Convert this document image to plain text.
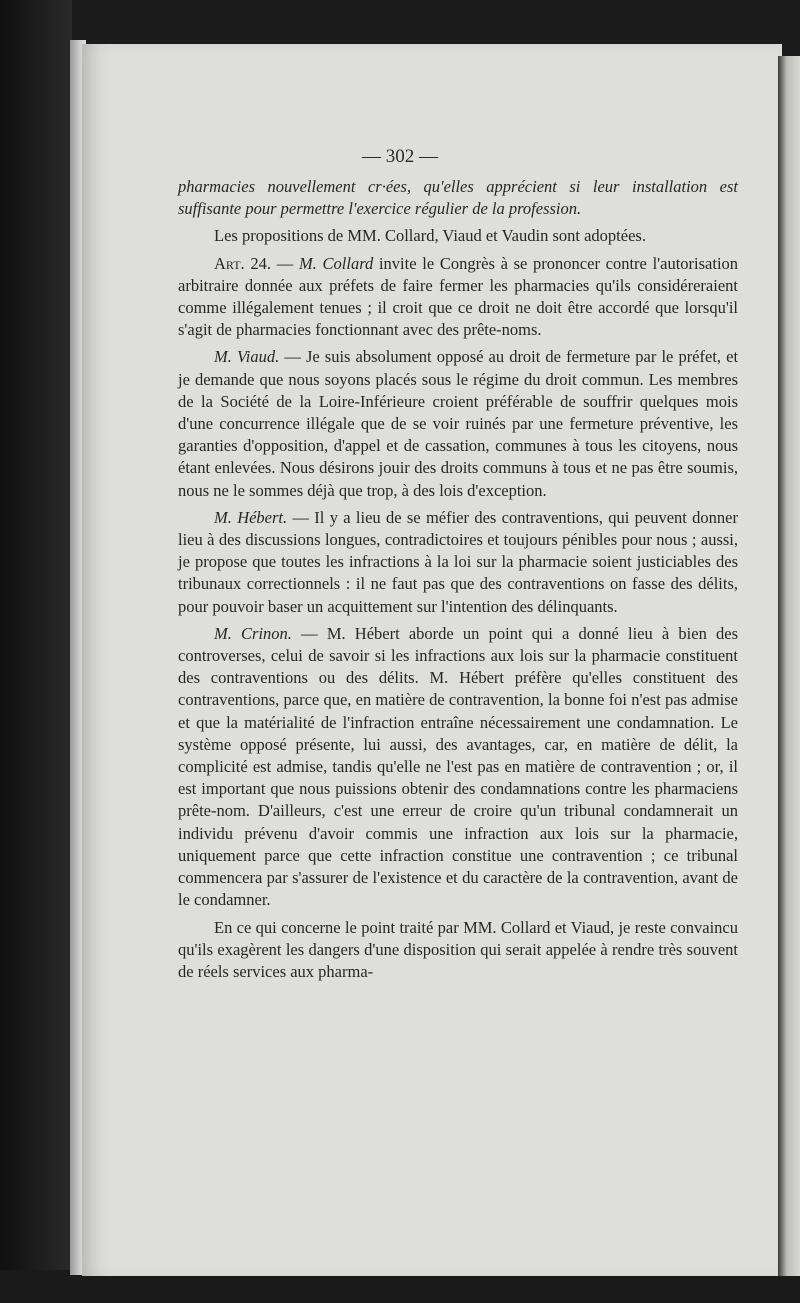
— 302 —

pharmacies nouvellement cr·ées, qu'elles apprécient si leur installation est suffisante pour permettre l'exercice régulier de la profession.

Les propositions de MM. Collard, Viaud et Vaudin sont adoptées.

Art. 24. — M. Collard invite le Congrès à se prononcer contre l'autorisation arbitraire donnée aux préfets de faire fermer les pharmacies qu'ils considéreraient comme illégalement tenues ; il croit que ce droit ne doit être accordé que lorsqu'il s'agit de pharmacies fonctionnant avec des prête-noms.

M. Viaud. — Je suis absolument opposé au droit de fermeture par le préfet, et je demande que nous soyons placés sous le régime du droit commun. Les membres de la Société de la Loire-Inférieure croient préférable de souffrir quelques mois d'une concurrence illégale que de se voir ruinés par une fermeture préventive, les garanties d'opposition, d'appel et de cassation, communes à tous les citoyens, nous étant enlevées. Nous désirons jouir des droits communs à tous et ne pas être soumis, nous ne le sommes déjà que trop, à des lois d'exception.

M. Hébert. — Il y a lieu de se méfier des contraventions, qui peuvent donner lieu à des discussions longues, contradictoires et toujours pénibles pour nous ; aussi, je propose que toutes les infractions à la loi sur la pharmacie soient justiciables des tribunaux correctionnels : il ne faut pas que des contraventions on fasse des délits, pour pouvoir baser un acquittement sur l'intention des délinquants.

M. Crinon. — M. Hébert aborde un point qui a donné lieu à bien des controverses, celui de savoir si les infractions aux lois sur la pharmacie constituent des contraventions ou des délits. M. Hébert préfère qu'elles constituent des contraventions, parce que, en matière de contravention, la bonne foi n'est pas admise et que la matérialité de l'infraction entraîne nécessairement une condamnation. Le système opposé présente, lui aussi, des avantages, car, en matière de délit, la complicité est admise, tandis qu'elle ne l'est pas en matière de contravention ; or, il est important que nous puissions obtenir des condamnations contre les pharmaciens prête-nom. D'ailleurs, c'est une erreur de croire qu'un tribunal condamnerait un individu prévenu d'avoir commis une infraction aux lois sur la pharmacie, uniquement parce que cette infraction constitue une contravention ; ce tribunal commencera par s'assurer de l'existence et du caractère de la contravention, avant de le condamner.

En ce qui concerne le point traité par MM. Collard et Viaud, je reste convaincu qu'ils exagèrent les dangers d'une disposition qui serait appelée à rendre très souvent de réels services aux pharma-
